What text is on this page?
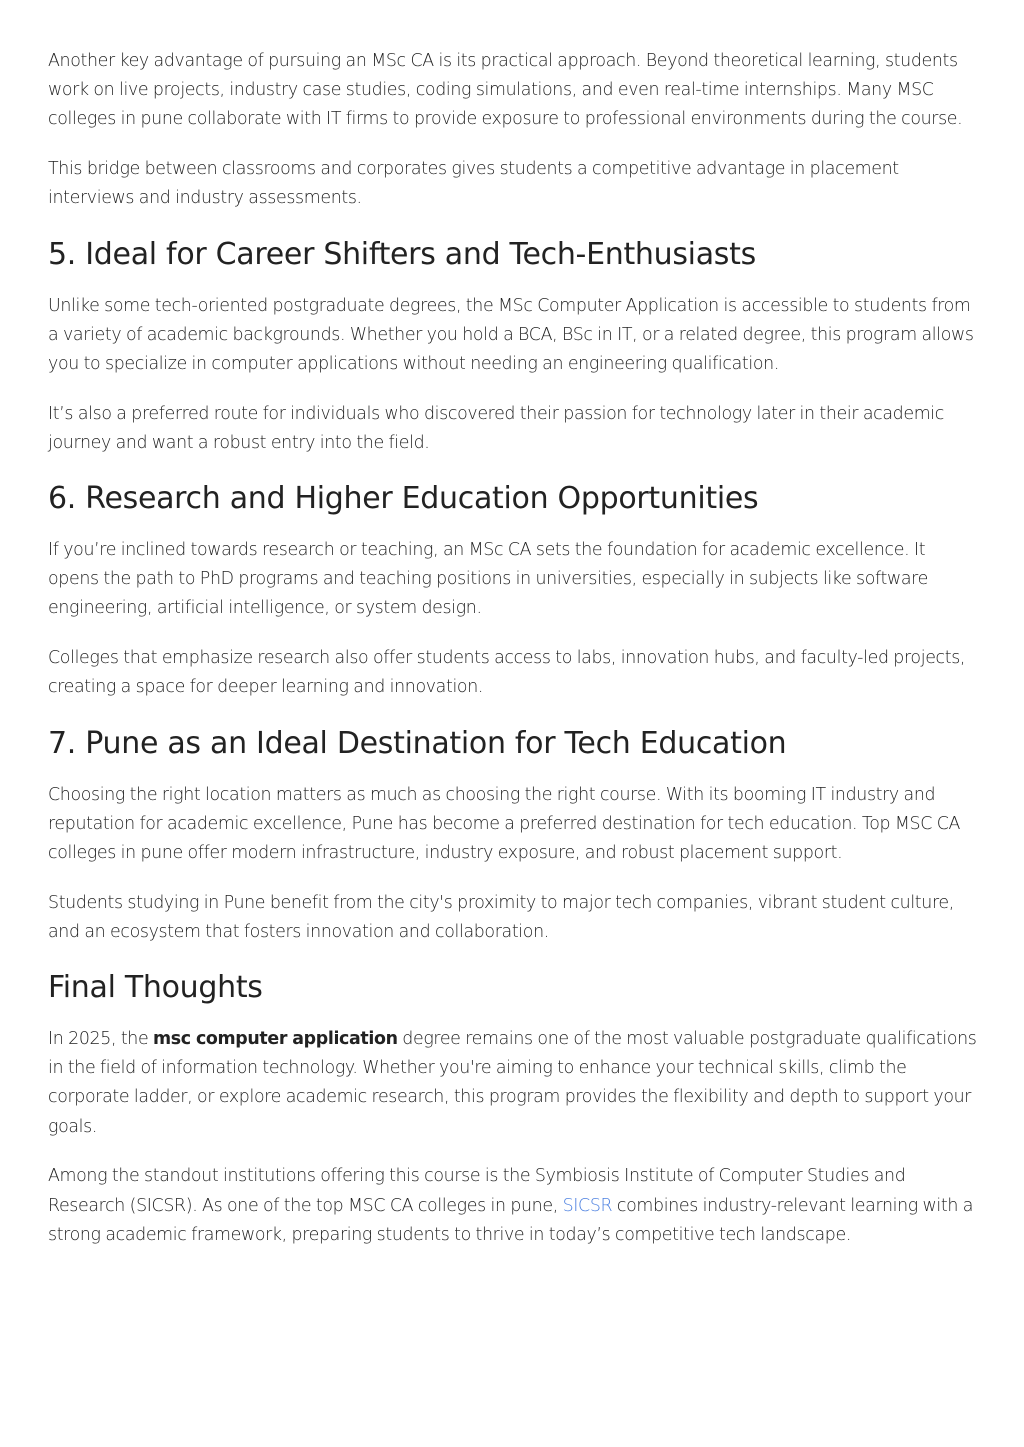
Another key advantage of pursuing an MSc CA is its practical approach. Beyond theoretical learning, students work on live projects, industry case studies, coding simulations, and even real-time internships. Many MSC colleges in pune collaborate with IT firms to provide exposure to professional environments during the course.

This bridge between classrooms and corporates gives students a competitive advantage in placement interviews and industry assessments.

5. Ideal for Career Shifters and Tech-Enthusiasts

Unlike some tech-oriented postgraduate degrees, the MSc Computer Application is accessible to students from a variety of academic backgrounds. Whether you hold a BCA, BSc in IT, or a related degree, this program allows you to specialize in computer applications without needing an engineering qualification.

It’s also a preferred route for individuals who discovered their passion for technology later in their academic journey and want a robust entry into the field.

6. Research and Higher Education Opportunities

If you’re inclined towards research or teaching, an MSc CA sets the foundation for academic excellence. It opens the path to PhD programs and teaching positions in universities, especially in subjects like software engineering, artificial intelligence, or system design.

Colleges that emphasize research also offer students access to labs, innovation hubs, and faculty-led projects, creating a space for deeper learning and innovation.

7. Pune as an Ideal Destination for Tech Education

Choosing the right location matters as much as choosing the right course. With its booming IT industry and reputation for academic excellence, Pune has become a preferred destination for tech education. Top MSC CA colleges in pune offer modern infrastructure, industry exposure, and robust placement support.

Students studying in Pune benefit from the city's proximity to major tech companies, vibrant student culture, and an ecosystem that fosters innovation and collaboration.

Final Thoughts

In 2025, the msc computer application degree remains one of the most valuable postgraduate qualifications in the field of information technology. Whether you're aiming to enhance your technical skills, climb the corporate ladder, or explore academic research, this program provides the flexibility and depth to support your goals.

Among the standout institutions offering this course is the Symbiosis Institute of Computer Studies and Research (SICSR). As one of the top MSC CA colleges in pune, SICSR combines industry-relevant learning with a strong academic framework, preparing students to thrive in today’s competitive tech landscape.
